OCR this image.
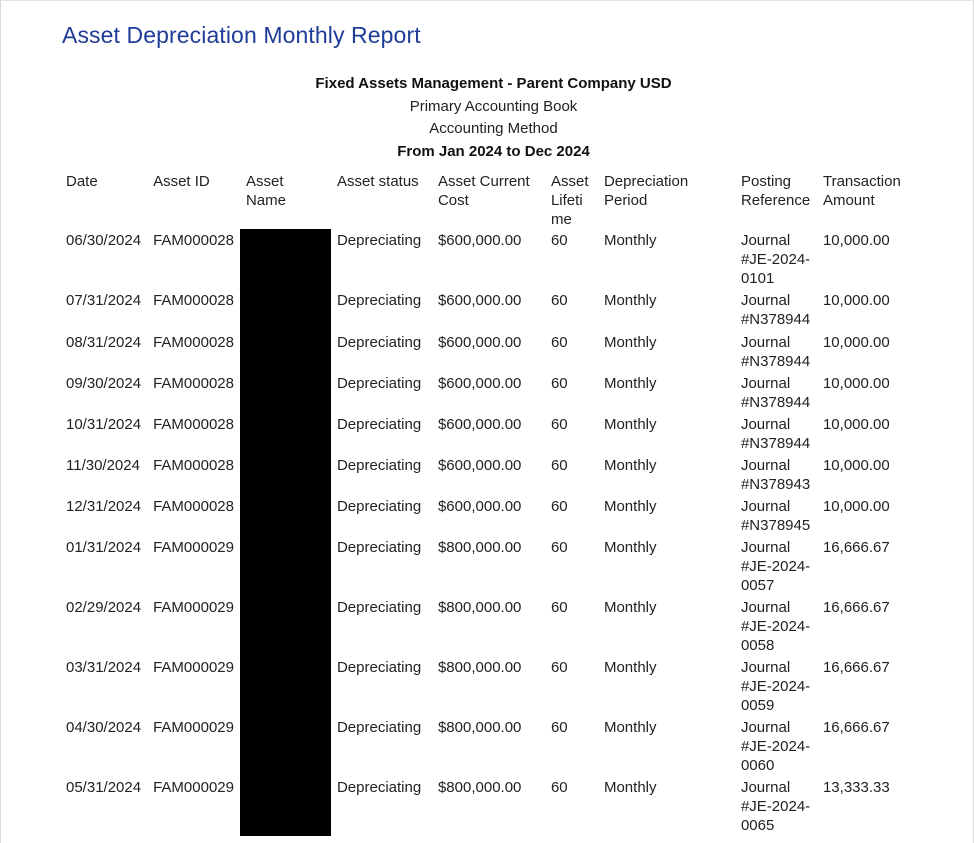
Asset Depreciation Monthly Report
Fixed Assets Management - Parent Company USD
Primary Accounting Book
Accounting Method
From Jan 2024 to Dec 2024
Date	Asset ID	Asset Name	Asset status	Asset Current Cost	Asset Lifetime	Depreciation Period	Posting Reference	Transaction Amount
06/30/2024	FAM000028		Depreciating	$600,000.00	60	Monthly	Journal #JE-2024-0101	10,000.00
07/31/2024	FAM000028		Depreciating	$600,000.00	60	Monthly	Journal #N378944	10,000.00
08/31/2024	FAM000028		Depreciating	$600,000.00	60	Monthly	Journal #N378944	10,000.00
09/30/2024	FAM000028		Depreciating	$600,000.00	60	Monthly	Journal #N378944	10,000.00
10/31/2024	FAM000028		Depreciating	$600,000.00	60	Monthly	Journal #N378944	10,000.00
11/30/2024	FAM000028		Depreciating	$600,000.00	60	Monthly	Journal #N378943	10,000.00
12/31/2024	FAM000028		Depreciating	$600,000.00	60	Monthly	Journal #N378945	10,000.00
01/31/2024	FAM000029		Depreciating	$800,000.00	60	Monthly	Journal #JE-2024-0057	16,666.67
02/29/2024	FAM000029		Depreciating	$800,000.00	60	Monthly	Journal #JE-2024-0058	16,666.67
03/31/2024	FAM000029		Depreciating	$800,000.00	60	Monthly	Journal #JE-2024-0059	16,666.67
04/30/2024	FAM000029		Depreciating	$800,000.00	60	Monthly	Journal #JE-2024-0060	16,666.67
05/31/2024	FAM000029		Depreciating	$800,000.00	60	Monthly	Journal #JE-2024-0065	13,333.33
